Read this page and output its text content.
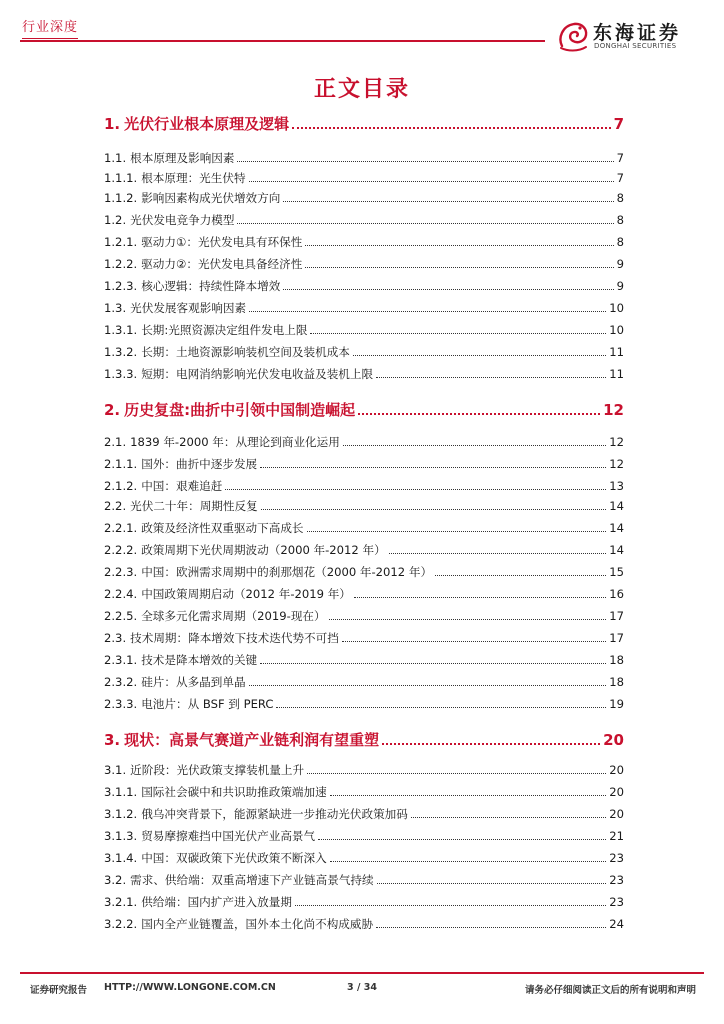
行业深度	东海证券
DONGHAI SECURITIES
正文目录
1. 光伏行业根本原理及逻辑	7
1.1. 根本原理及影响因素	7
1.1.1. 根本原理：光生伏特	7
1.1.2. 影响因素构成光伏增效方向	8
1.2. 光伏发电竞争力模型	8
1.2.1. 驱动力①：光伏发电具有环保性	8
1.2.2. 驱动力②：光伏发电具备经济性	9
1.2.3. 核心逻辑：持续性降本增效	9
1.3. 光伏发展客观影响因素	10
1.3.1. 长期:光照资源决定组件发电上限	10
1.3.2. 长期：土地资源影响装机空间及装机成本	11
1.3.3. 短期：电网消纳影响光伏发电收益及装机上限	11
2. 历史复盘:曲折中引领中国制造崛起	12
2.1. 1839 年-2000 年：从理论到商业化运用	12
2.1.1. 国外：曲折中逐步发展	12
2.1.2. 中国：艰难追赶	13
2.2. 光伏二十年：周期性反复	14
2.2.1. 政策及经济性双重驱动下高成长	14
2.2.2. 政策周期下光伏周期波动（2000 年-2012 年）	14
2.2.3. 中国：欧洲需求周期中的刹那烟花（2000 年-2012 年）	15
2.2.4. 中国政策周期启动（2012 年-2019 年）	16
2.2.5. 全球多元化需求周期（2019-现在）	17
2.3. 技术周期：降本增效下技术迭代势不可挡	17
2.3.1. 技术是降本增效的关键	18
2.3.2. 硅片：从多晶到单晶	18
2.3.3. 电池片：从 BSF 到 PERC	19
3. 现状：高景气赛道产业链利润有望重塑	20
3.1. 近阶段：光伏政策支撑装机量上升	20
3.1.1. 国际社会碳中和共识助推政策端加速	20
3.1.2. 俄乌冲突背景下，能源紧缺进一步推动光伏政策加码	20
3.1.3. 贸易摩擦难挡中国光伏产业高景气	21
3.1.4. 中国：双碳政策下光伏政策不断深入	23
3.2. 需求、供给端：双重高增速下产业链高景气持续	23
3.2.1. 供给端：国内扩产进入放量期	23
3.2.2. 国内全产业链覆盖，国外本土化尚不构成威胁	24
证券研究报告 HTTP://WWW.LONGONE.COM.CN	3 / 34	请务必仔细阅读正文后的所有说明和声明
